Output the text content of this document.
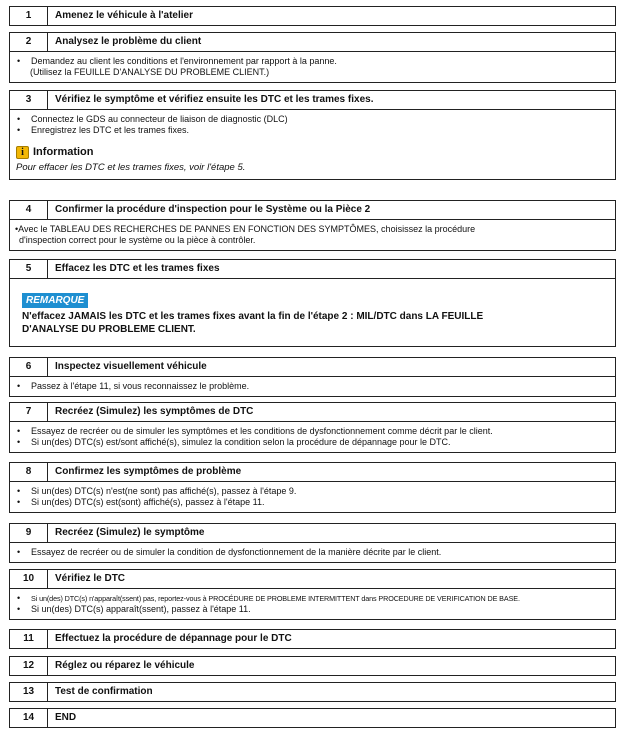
1	Amenez le véhicule à l'atelier
2	Analysez le problème du client
•	Demandez au client les conditions et l'environnement par rapport à la panne.
(Utilisez la FEUILLE D'ANALYSE DU PROBLEME CLIENT.)
3	Vérifiez le symptôme et vérifiez ensuite les DTC et les trames fixes.
•	Connectez le GDS au connecteur de liaison de diagnostic (DLC)
•	Enregistrez les DTC et les trames fixes.
i Information
Pour effacer les DTC et les trames fixes, voir l'étape 5.
4	Confirmer la procédure d'inspection pour le Système ou la Pièce 2
•Avec le TABLEAU DES RECHERCHES DE PANNES EN FONCTION DES SYMPTÔMES, choisissez la procédure
d'inspection correct pour le système ou la pièce à contrôler.
5	Effacez les DTC et les trames fixes
REMARQUE
N'effacez JAMAIS les DTC et les trames fixes avant la fin de l'étape 2 : MIL/DTC dans LA FEUILLE
D'ANALYSE DU PROBLEME CLIENT.
6	Inspectez visuellement véhicule
•	Passez à l'étape 11, si vous reconnaissez le problème.
7	Recréez (Simulez) les symptômes de DTC
•	Essayez de recréer ou de simuler les symptômes et les conditions de dysfonctionnement comme décrit par le client.
•	Si un(des) DTC(s) est/sont affiché(s), simulez la condition selon la procédure de dépannage pour le DTC.
8	Confirmez les symptômes de problème
•	Si un(des) DTC(s) n'est(ne sont) pas affiché(s), passez à l'étape 9.
•	Si un(des) DTC(s) est(sont) affiché(s), passez à l'étape 11.
9	Recréez (Simulez) le symptôme
•	Essayez de recréer ou de simuler la condition de dysfonctionnement de la manière décrite par le client.
10	Vérifiez le DTC
•	Si un(des) DTC(s) n'apparaît(ssent) pas, reportez-vous à PROCÉDURE DE PROBLEME INTERMITTENT dans PROCEDURE DE VERIFICATION DE BASE.
•	Si un(des) DTC(s) apparaît(ssent), passez à l'étape 11.
11	Effectuez la procédure de dépannage pour le DTC
12	Réglez ou réparez le véhicule
13	Test de confirmation
14	END
